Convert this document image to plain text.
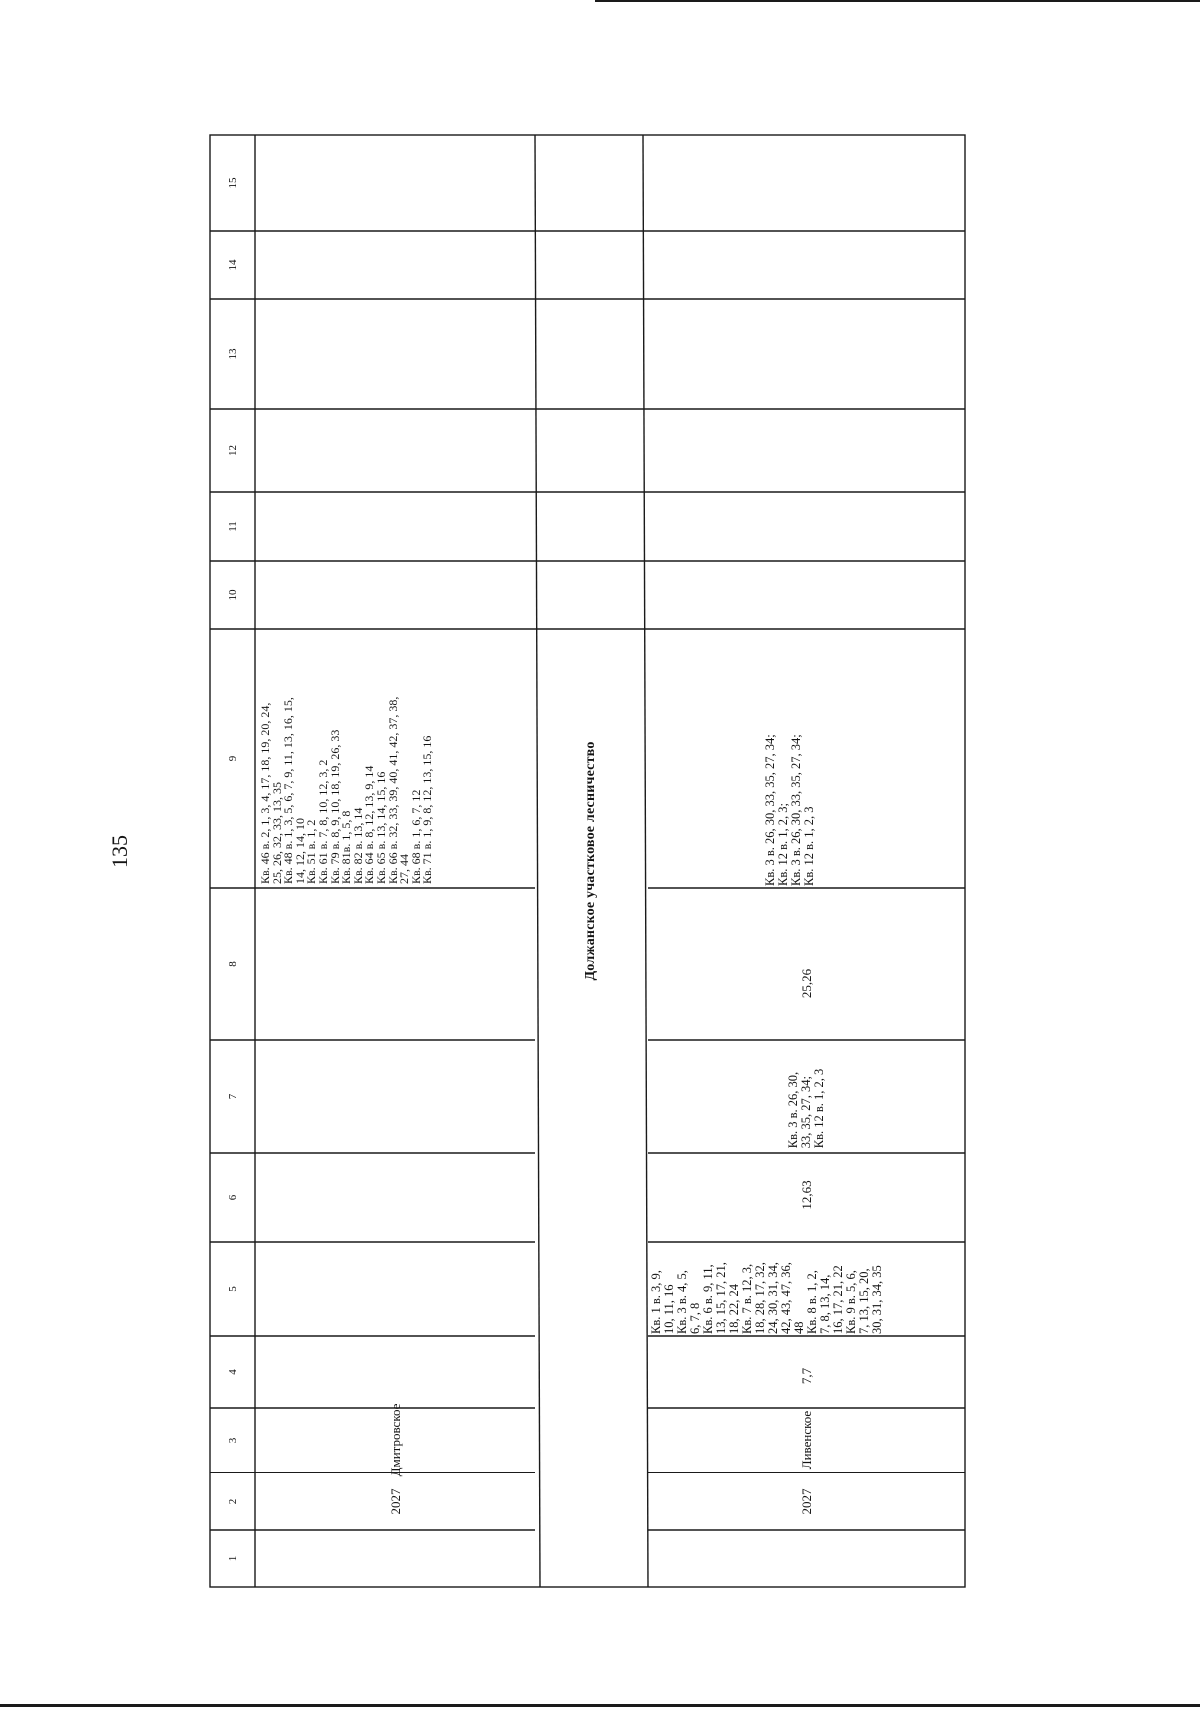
135
15
14
13
12
11
10
9
8
7
6
5
4
3
2
1
Кв. 46 в. 2, 1, 3, 4, 17, 18, 19, 20, 24,
25, 26, 32, 33, 13, 35
Кв. 48 в. 1, 3, 5, 6, 7, 9, 11, 13, 16, 15,
14, 12, 14, 10
Кв. 51 в. 1, 2
Кв. 61 в. 7, 8, 10, 12, 3, 2
Кв. 79 в. 8, 9, 10, 18, 19, 26, 33
Кв. 81в. 1, 5, 8
Кв. 82 в. 13, 14
Кв. 64 в. 8, 12, 13, 9, 14
Кв. 65 в. 13, 14, 15, 16
Кв. 66 в. 32, 33, 39, 40, 41, 42, 37, 38,
27, 44
Кв. 68 в. 1, 6, 7, 12
Кв. 71 в. 1, 9, 8, 12, 13, 15, 16
2027
Дмитровское
Должанское участковое лесничество
2027
Ливенское
7,7
Кв. 1 в. 3, 9,
10, 11, 16
Кв. 3 в. 4, 5,
6, 7, 8
Кв. 6 в. 9, 11,
13, 15, 17, 21,
18, 22, 24
Кв. 7 в. 12, 3,
18, 28, 17, 32,
24, 30, 31, 34,
42, 43, 47, 36,
48
Кв. 8 в. 1, 2,
7, 8, 13, 14,
16, 17, 21, 22
Кв. 9 в. 5, 6,
7, 13, 15, 20,
30, 31, 34, 35
12,63
Кв. 3 в. 26, 30,
33, 35, 27, 34;
Кв. 12 в. 1, 2, 3
25,26
Кв. 3 в. 26, 30, 33, 35, 27, 34;
Кв. 12 в. 1, 2, 3;
Кв. 3 в. 26, 30, 33, 35, 27, 34;
Кв. 12 в. 1, 2, 3
